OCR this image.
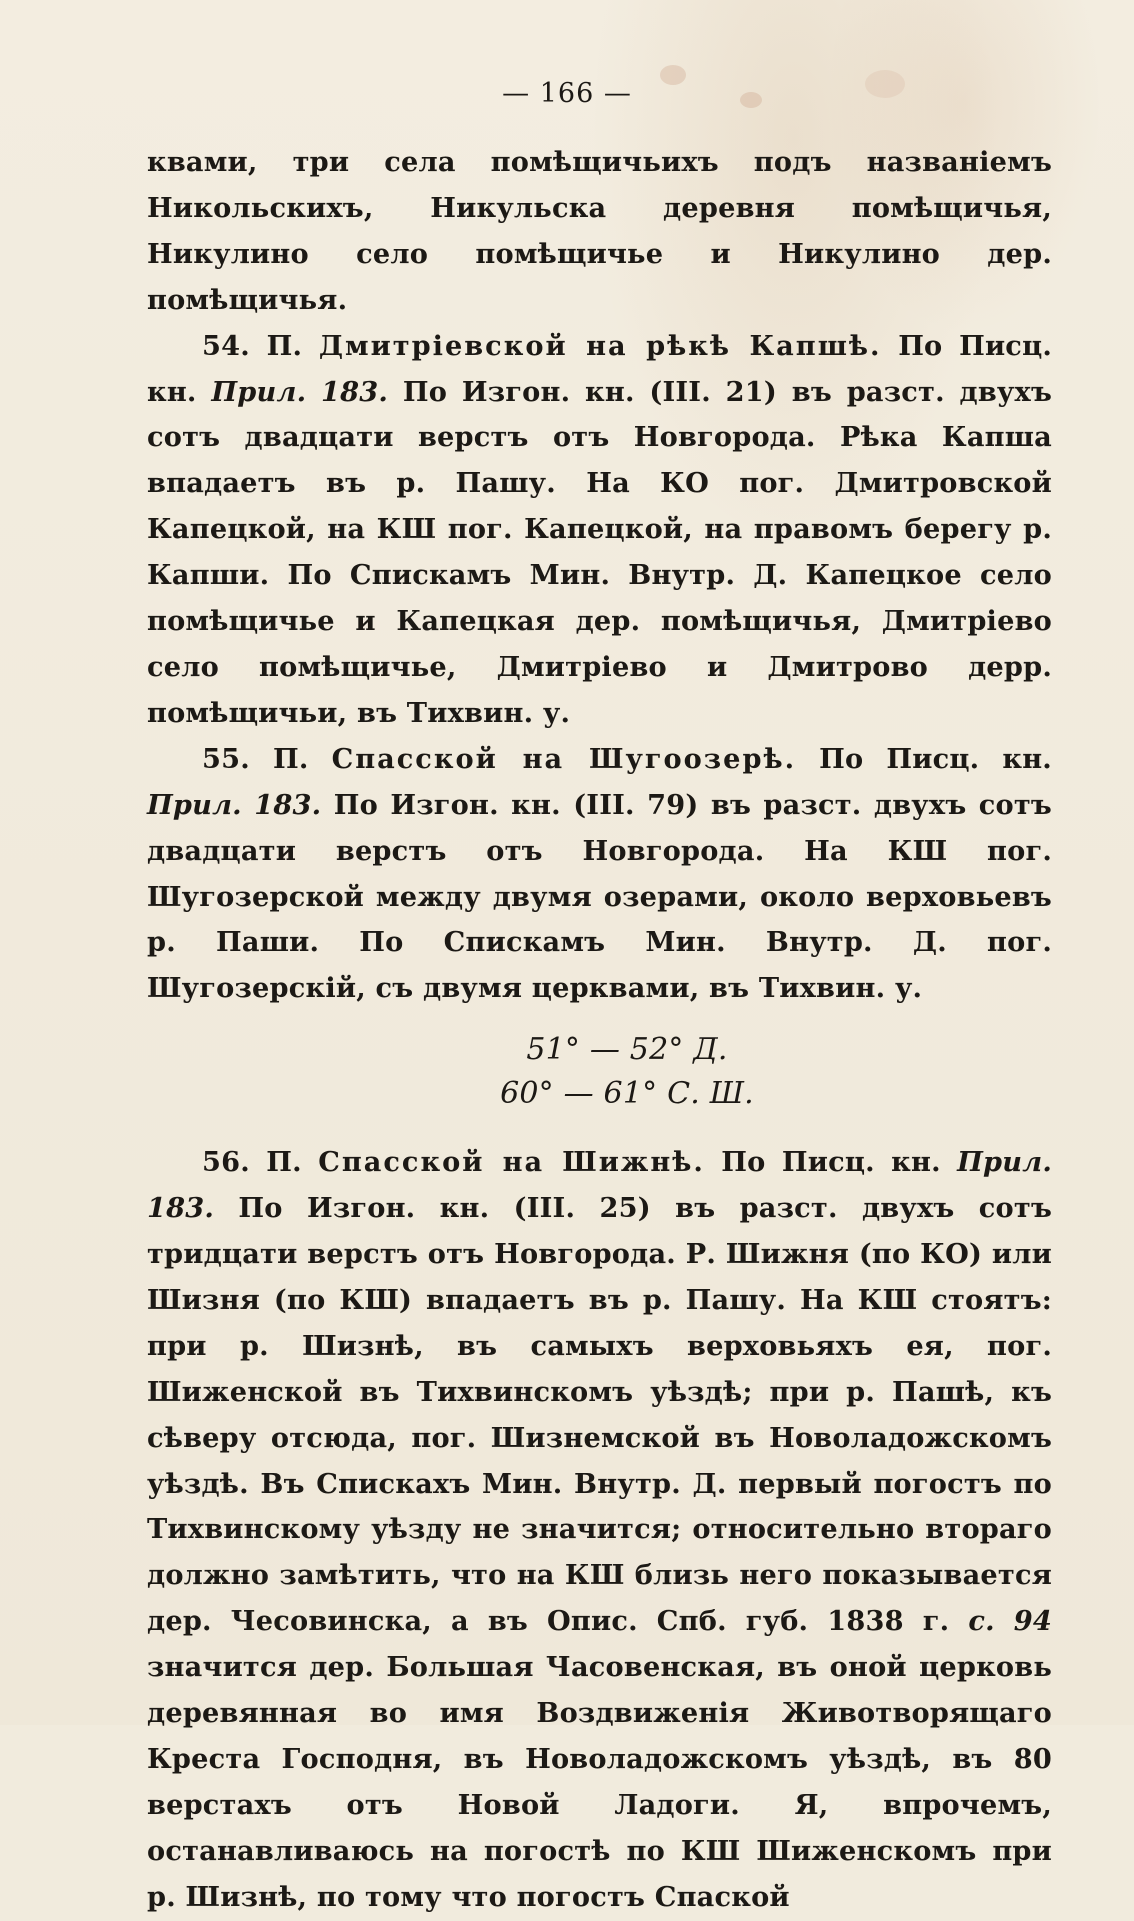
— 166 —

квами, три села помѣщичьихъ подъ названіемъ Никольскихъ, Никульска деревня помѣщичья, Никулино село помѣщичье и Никулино дер. помѣщичья.

54. П. Дмитрiевской на рѣкѣ Капшѣ. По Писц. кн. Прил. 183. По Изгон. кн. (III. 21) въ разст. двухъ сотъ двадцати верстъ отъ Новгорода. Рѣка Капша впадаетъ въ р. Пашу. На КО пог. Дмитровской Капецкой, на КШ пог. Капецкой, на правомъ берегу р. Капши. По Спискамъ Мин. Внутр. Д. Капецкое село помѣщичье и Капецкая дер. помѣщичья, Дмитріево село помѣщичье, Дмитріево и Дмитрово дерр. помѣщичьи, въ Тихвин. у.

55. П. Спасской на Шугоозерѣ. По Писц. кн. Прил. 183. По Изгон. кн. (III. 79) въ разст. двухъ сотъ двадцати верстъ отъ Новгорода. На КШ пог. Шугозерской между двумя озерами, около верховьевъ р. Паши. По Спискамъ Мин. Внутр. Д. пог. Шугозерскій, съ двумя церквами, въ Тихвин. у.

51° — 52° Д.

60° — 61° С. Ш.

56. П. Спасской на Шижнѣ. По Писц. кн. Прил. 183. По Изгон. кн. (III. 25) въ разст. двухъ сотъ тридцати верстъ отъ Новгорода. Р. Шижня (по КО) или Шизня (по КШ) впадаетъ въ р. Пашу. На КШ стоятъ: при р. Шизнѣ, въ самыхъ верховьяхъ ея, пог. Шиженской въ Тихвинскомъ уѣздѣ; при р. Пашѣ, къ сѣверу отсюда, пог. Шизнемской въ Новоладожскомъ уѣздѣ. Въ Спискахъ Мин. Внутр. Д. первый погостъ по Тихвинскому уѣзду не значится; относительно втораго должно замѣтить, что на КШ близь него показывается дер. Чесовинска, а въ Опис. Спб. губ. 1838 г. с. 94 значится дер. Большая Часовенская, въ оной церковь деревянная во имя Воздвиженія Животворящаго Креста Господня, въ Новоладожскомъ уѣздѣ, въ 80 верстахъ отъ Новой Ладоги. Я, впрочемъ, останавливаюсь на погостѣ по КШ Шиженскомъ при р. Шизнѣ, по тому что погостъ Спаской
